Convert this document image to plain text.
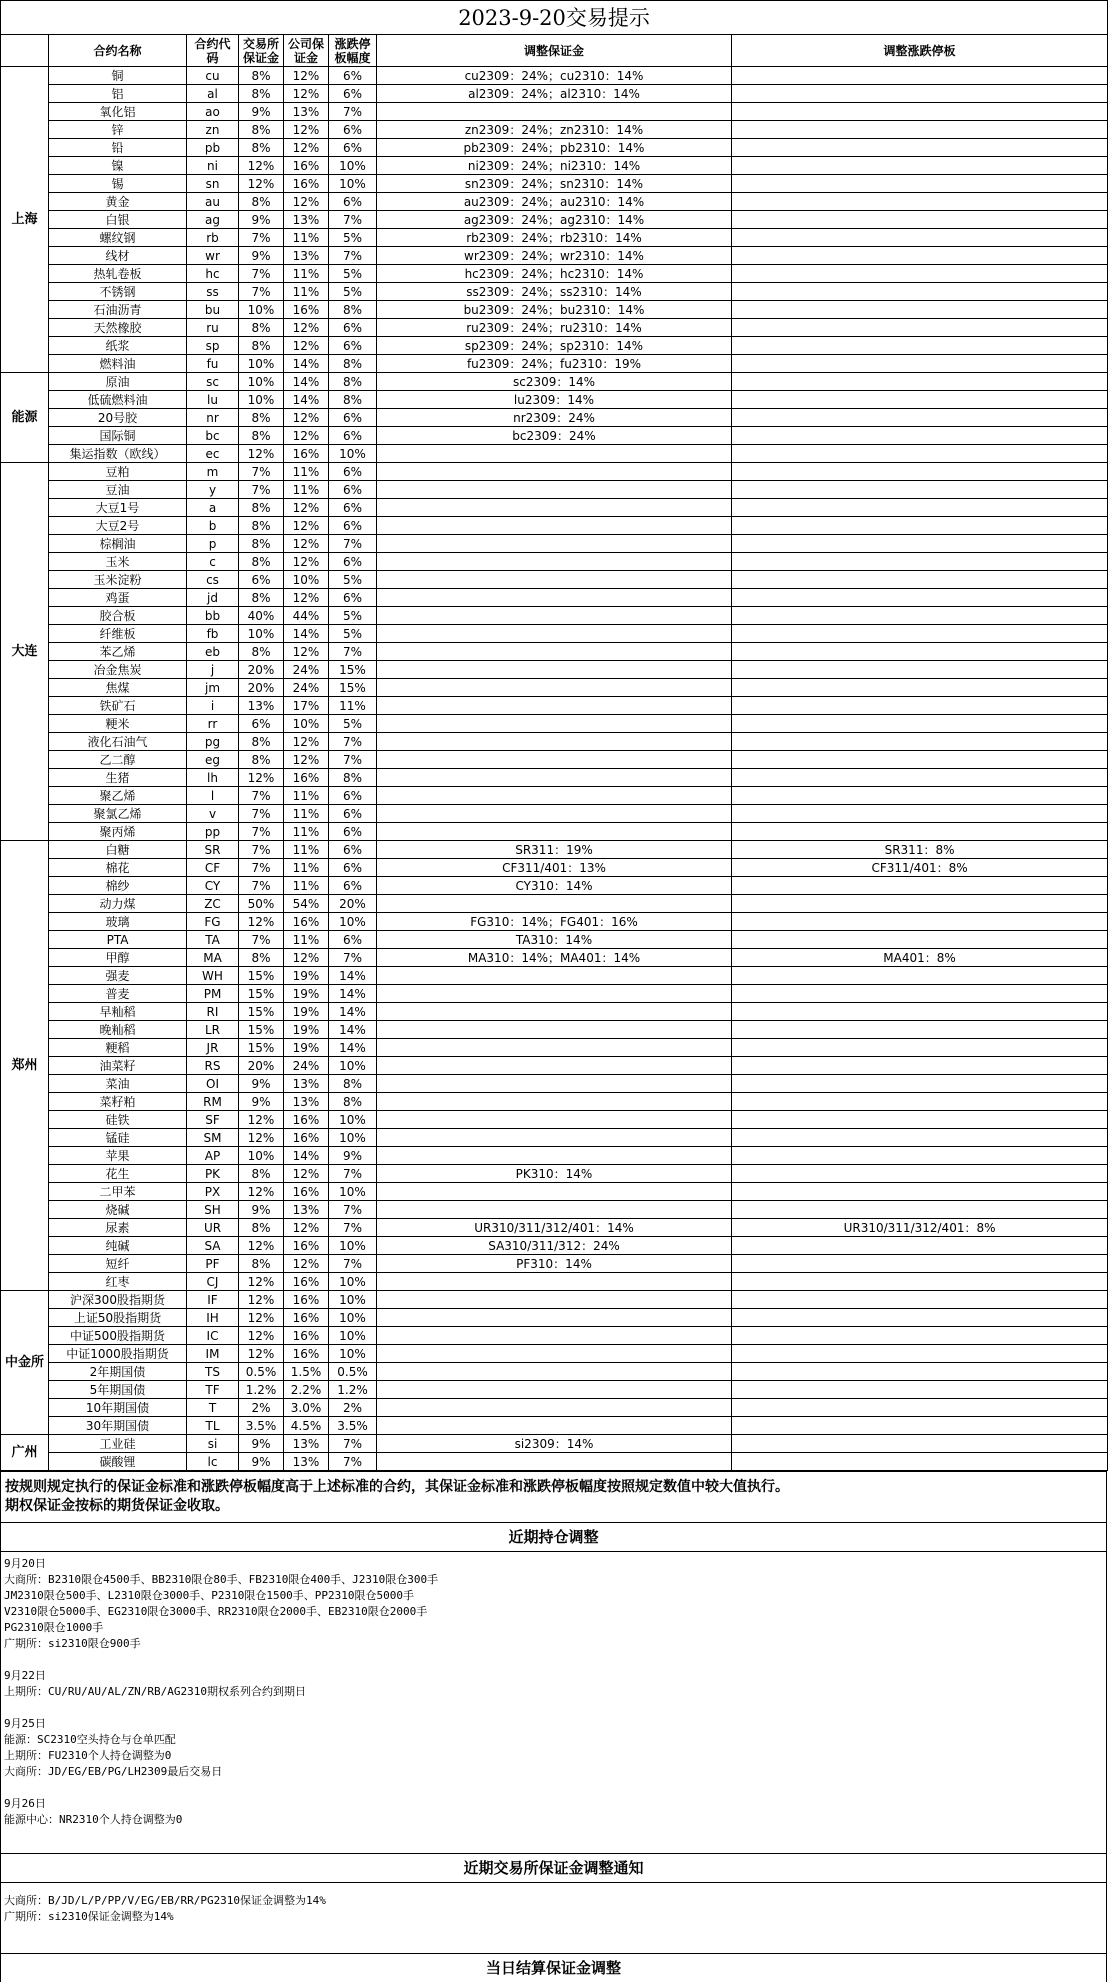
2023-9-20交易提示							
	合约名称	合约代码	交易所保证金	公司保证金	涨跌停板幅度	调整保证金	调整涨跌停板
上海	铜	cu	8%	12%	6%	cu2309：24%；cu2310：14%	
	铝	al	8%	12%	6%	al2309：24%；al2310：14%	
	氧化铝	ao	9%	13%	7%		
	锌	zn	8%	12%	6%	zn2309：24%；zn2310：14%	
	铅	pb	8%	12%	6%	pb2309：24%；pb2310：14%	
	镍	ni	12%	16%	10%	ni2309：24%；ni2310：14%	
	锡	sn	12%	16%	10%	sn2309：24%；sn2310：14%	
	黄金	au	8%	12%	6%	au2309：24%；au2310：14%	
	白银	ag	9%	13%	7%	ag2309：24%；ag2310：14%	
	螺纹钢	rb	7%	11%	5%	rb2309：24%；rb2310：14%	
	线材	wr	9%	13%	7%	wr2309：24%；wr2310：14%	
	热轧卷板	hc	7%	11%	5%	hc2309：24%；hc2310：14%	
	不锈钢	ss	7%	11%	5%	ss2309：24%；ss2310：14%	
	石油沥青	bu	10%	16%	8%	bu2309：24%；bu2310：14%	
	天然橡胶	ru	8%	12%	6%	ru2309：24%；ru2310：14%	
	纸浆	sp	8%	12%	6%	sp2309：24%；sp2310：14%	
	燃料油	fu	10%	14%	8%	fu2309：24%；fu2310：19%	
能源	原油	sc	10%	14%	8%	sc2309：14%	
	低硫燃料油	lu	10%	14%	8%	lu2309：14%	
	20号胶	nr	8%	12%	6%	nr2309：24%	
	国际铜	bc	8%	12%	6%	bc2309：24%	
	集运指数（欧线）	ec	12%	16%	10%		
大连	豆粕	m	7%	11%	6%		
	豆油	y	7%	11%	6%		
	大豆1号	a	8%	12%	6%		
	大豆2号	b	8%	12%	6%		
	棕榈油	p	8%	12%	7%		
	玉米	c	8%	12%	6%		
	玉米淀粉	cs	6%	10%	5%		
	鸡蛋	jd	8%	12%	6%		
	胶合板	bb	40%	44%	5%		
	纤维板	fb	10%	14%	5%		
	苯乙烯	eb	8%	12%	7%		
	冶金焦炭	j	20%	24%	15%		
	焦煤	jm	20%	24%	15%		
	铁矿石	i	13%	17%	11%		
	粳米	rr	6%	10%	5%		
	液化石油气	pg	8%	12%	7%		
	乙二醇	eg	8%	12%	7%		
	生猪	lh	12%	16%	8%		
	聚乙烯	l	7%	11%	6%		
	聚氯乙烯	v	7%	11%	6%		
	聚丙烯	pp	7%	11%	6%		
郑州	白糖	SR	7%	11%	6%	SR311：19%	SR311：8%
	棉花	CF	7%	11%	6%	CF311/401：13%	CF311/401：8%
	棉纱	CY	7%	11%	6%	CY310：14%	
	动力煤	ZC	50%	54%	20%		
	玻璃	FG	12%	16%	10%	FG310：14%；FG401：16%	
	PTA	TA	7%	11%	6%	TA310：14%	
	甲醇	MA	8%	12%	7%	MA310：14%；MA401：14%	MA401：8%
	强麦	WH	15%	19%	14%		
	普麦	PM	15%	19%	14%		
	早籼稻	RI	15%	19%	14%		
	晚籼稻	LR	15%	19%	14%		
	粳稻	JR	15%	19%	14%		
	油菜籽	RS	20%	24%	10%		
	菜油	OI	9%	13%	8%		
	菜籽粕	RM	9%	13%	8%		
	硅铁	SF	12%	16%	10%		
	锰硅	SM	12%	16%	10%		
	苹果	AP	10%	14%	9%		
	花生	PK	8%	12%	7%	PK310：14%	
	二甲苯	PX	12%	16%	10%		
	烧碱	SH	9%	13%	7%		
	尿素	UR	8%	12%	7%	UR310/311/312/401：14%	UR310/311/312/401：8%
	纯碱	SA	12%	16%	10%	SA310/311/312：24%	
	短纤	PF	8%	12%	7%	PF310：14%	
	红枣	CJ	12%	16%	10%		
中金所	沪深300股指期货	IF	12%	16%	10%		
	上证50股指期货	IH	12%	16%	10%		
	中证500股指期货	IC	12%	16%	10%		
	中证1000股指期货	IM	12%	16%	10%		
	2年期国债	TS	0.5%	1.5%	0.5%		
	5年期国债	TF	1.2%	2.2%	1.2%		
	10年期国债	T	2%	3.0%	2%		
	30年期国债	TL	3.5%	4.5%	3.5%		
广州	工业硅	si	9%	13%	7%	si2309：14%	
	碳酸锂	lc	9%	13%	7%		
按规则规定执行的保证金标准和涨跌停板幅度高于上述标准的合约，其保证金标准和涨跌停板幅度按照规定数值中较大值执行。
期权保证金按标的期货保证金收取。

近期持仓调整

9月20日
大商所：B2310限仓4500手、BB2310限仓80手、FB2310限仓400手、J2310限仓300手
JM2310限仓500手、L2310限仓3000手、P2310限仓1500手、PP2310限仓5000手
V2310限仓5000手、EG2310限仓3000手、RR2310限仓2000手、EB2310限仓2000手
PG2310限仓1000手
广期所：si2310限仓900手
9月22日
上期所：CU/RU/AU/AL/ZN/RB/AG2310期权系列合约到期日
9月25日
能源：SC2310空头持仓与仓单匹配
上期所：FU2310个人持仓调整为0
大商所：JD/EG/EB/PG/LH2309最后交易日
9月26日
能源中心：NR2310个人持仓调整为0

近期交易所保证金调整通知

大商所：B/JD/L/P/PP/V/EG/EB/RR/PG2310保证金调整为14%
广期所：si2310保证金调整为14%

当日结算保证金调整
